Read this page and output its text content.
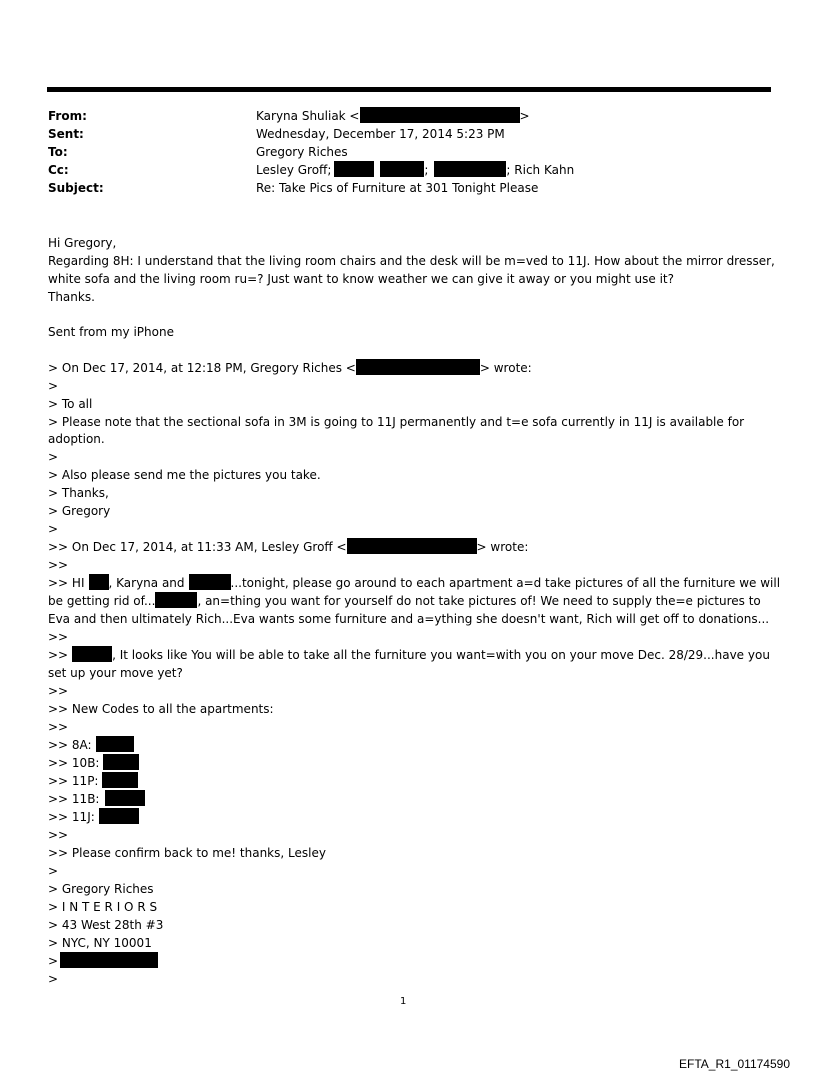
From:	Karyna Shuliak <	>
Sent:	Wednesday, December 17, 2014 5:23 PM
To:	Gregory Riches
Cc:	Lesley Groff;	;	; Rich Kahn
Subject:	Re: Take Pics of Furniture at 301 Tonight Please
Hi Gregory,
Regarding 8H: I understand that the living room chairs and the desk will be m=ved to 11J. How about the mirror dresser,
white sofa and the living room ru=? Just want to know weather we can give it away or you might use it?
Thanks.
Sent from my iPhone
> On Dec 17, 2014, at 12:18 PM, Gregory Riches <	> wrote:
>
> To all
> Please note that the sectional sofa in 3M is going to 11J permanently and t=e sofa currently in 11J is available for
adoption.
>
> Also please send me the pictures you take.
> Thanks,
> Gregory
>
>> On Dec 17, 2014, at 11:33 AM, Lesley Groff <	> wrote:
>>
>> HI , Karyna and	...tonight, please go around to each apartment a=d take pictures of all the furniture we will
be getting rid of...	, an=thing you want for yourself do not take pictures of! We need to supply the=e pictures to
Eva and then ultimately Rich...Eva wants some furniture and a=ything she doesn't want, Rich will get off to donations...
>>
>>	, It looks like You will be able to take all the furniture you want=with you on your move Dec. 28/29...have you
set up your move yet?
>>
>> New Codes to all the apartments:
>>
>> 8A:
>> 10B:
>> 11P:
>> 11B:
>> 11J:
>>
>> Please confirm back to me! thanks, Lesley
>
> Gregory Riches
> I N T E R I O R S
> 43 West 28th #3
> NYC, NY 10001
>
>
1
EFTA_R1_01174590
